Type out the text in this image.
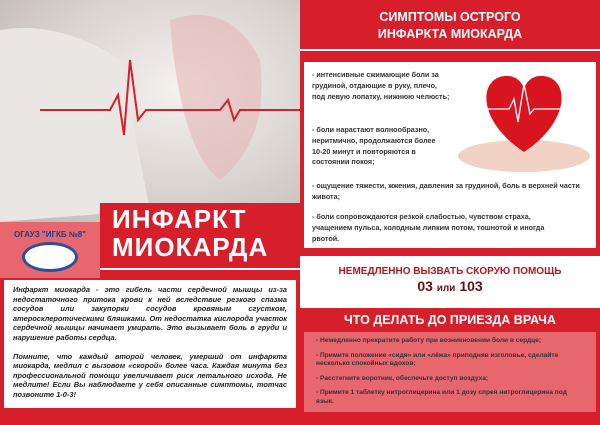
ИНФАРКТ
МИОКАРДА
ОГАУЗ "ИГКБ №8"

Инфаркт миокарда - это гибель части сердечной мышцы из-за недостаточного притока крови к ней вследствие резкого спазма сосудов или закупорки сосудов кровяным сгустком, атеросклеротическими бляшками. От недостатка кислорода участок сердечной мышцы начинает умирать. Это вызывает боль в груди и нарушение работы сердца.

Помните, что каждый второй человек, умерший от инфаркта миокарда, медлил с вызовом «скорой» более часа. Каждая минута без профессиональной помощи увеличивает риск летального исхода. Не медлите! Если Вы наблюдаете у себя описанные симптомы, тотчас позвоните 1-0-3!

СИМПТОМЫ ОСТРОГО
ИНФАРКТА МИОКАРДА
- интенсивные сжимающие боли за грудиной, отдающие в руку, плечо, под левую лопатку, нижнюю челюсть;
- боли нарастают волнообразно, неритмично, продолжаются более 10-20 минут и повторяются в состоянии покоя;
- ощущение тяжести, жжения, давления за грудиной, боль в верхней части живота;
- боли сопровождаются резкой слабостью, чувством страха, учащением пульса, холодным липким потом, тошнотой и иногда рвотой.
НЕМЕДЛЕННО ВЫЗВАТЬ СКОРУЮ ПОМОЩЬ
03 или 103
ЧТО ДЕЛАТЬ ДО ПРИЕЗДА ВРАЧА
- Немедленно прекратите работу при возникновении боли в сердце;
- Примите положение «сидя» или «лёжа» приподняв изголовье, сделайте несколько спокойных вдохов;
- Расстегните воротник, обеспечьте доступ воздуха;
- Примите 1 таблетку нитроглицерина или 1 дозу спрея нитроглицерина под язык.
